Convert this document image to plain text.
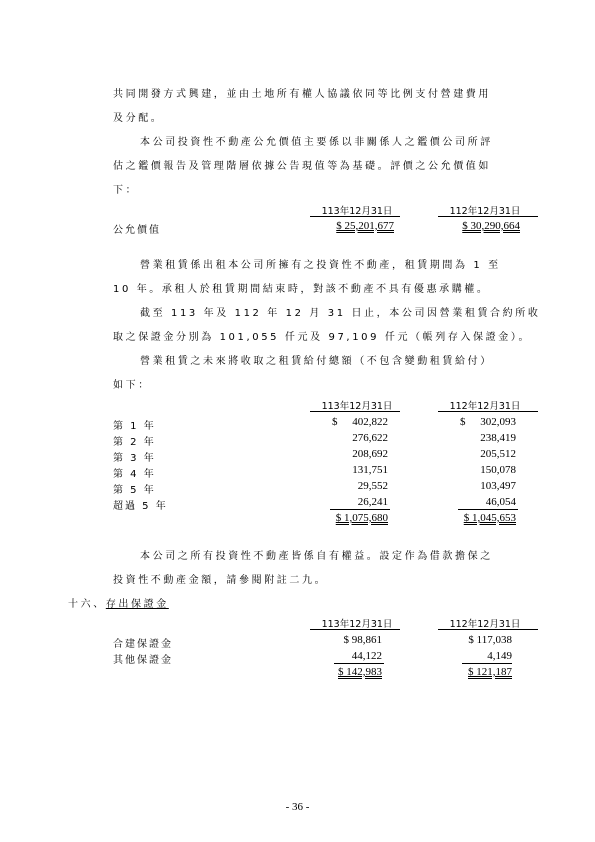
共同開發方式興建，並由土地所有權人協議依同等比例支付營建費用
及分配。
本公司投資性不動產公允價值主要係以非關係人之鑑價公司所評
估之鑑價報告及管理階層依據公告現值等為基礎。評價之公允價值如
下：
113年12月31日	112年12月31日
公允價值	$ 25,201,677	$ 30,290,664
營業租賃係出租本公司所擁有之投資性不動產，租賃期間為 1 至
10 年。承租人於租賃期間結束時，對該不動產不具有優惠承購權。
截至 113 年及 112 年 12 月 31 日止，本公司因營業租賃合約所收
取之保證金分別為 101,055 仟元及 97,109 仟元（帳列存入保證金）。
營業租賃之未來將收取之租賃給付總額（不包含變動租賃給付）
如下：
113年12月31日	112年12月31日
$	$
第 1 年	402,822	302,093
第 2 年	276,622	238,419
第 3 年	208,692	205,512
第 4 年	131,751	150,078
第 5 年	29,552	103,497
超過 5 年	26,241	46,054
$ 1,075,680	$ 1,045,653
本公司之所有投資性不動產皆係自有權益。設定作為借款擔保之
投資性不動產金額，請參閱附註二九。
十六、存出保證金
113年12月31日	112年12月31日
合建保證金	$ 98,861	$ 117,038
其他保證金	44,122	4,149
$ 142,983	$ 121,187
- 36 -
